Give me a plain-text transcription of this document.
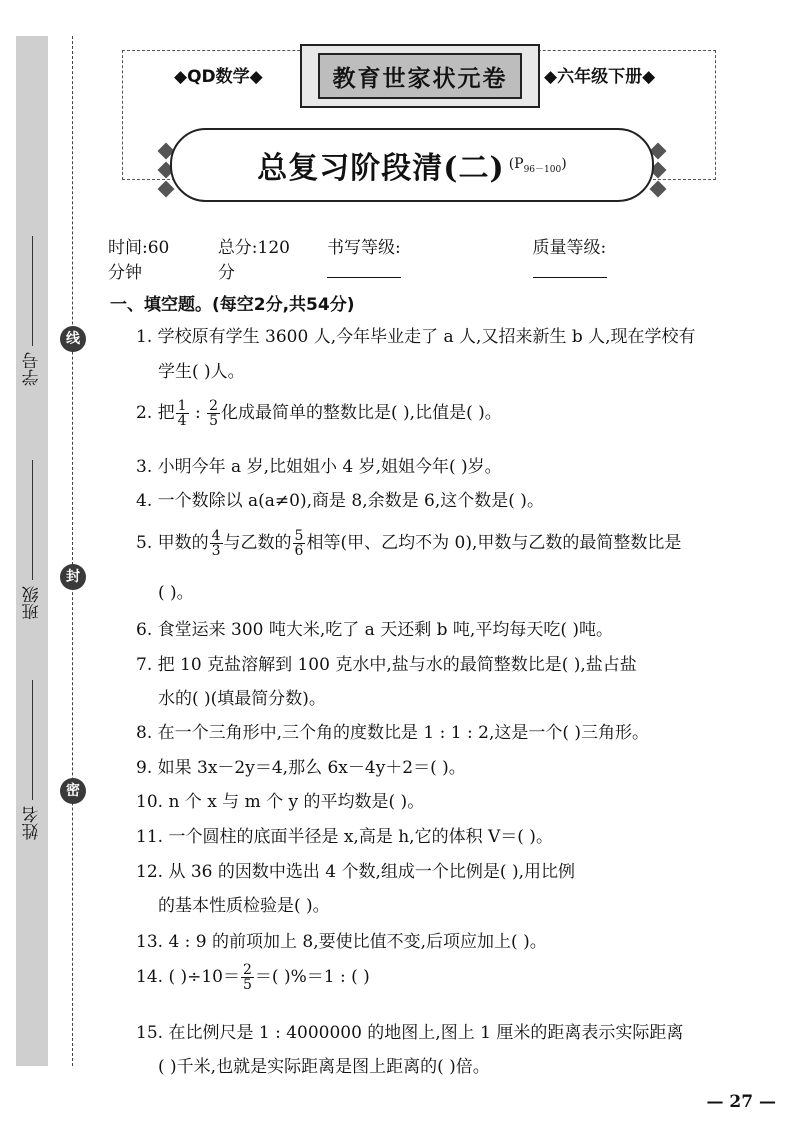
学号
班级
姓名
线
封
密
◆QD数学◆	◆六年级下册◆
教育世家状元卷
总复习阶段清(二) $(P_{96-100})$
时间:60分钟
总分:120 分
书写等级:	质量等级:
一、填空题。(每空2分,共54分)
1. 学校原有学生 3600 人,今年毕业走了 a 人,又招来新生 b 人,现在学校有
学生( )人。
2. 把 $\frac{1}{4}$ : $\frac{2}{5}$ 化成最简单的整数比是( ),比值是( )。
3. 小明今年 a 岁,比姐姐小 4 岁,姐姐今年( )岁。
4. 一个数除以 a(a≠0),商是 8,余数是 6,这个数是( )。
5. 甲数的 $\frac{4}{3}$ 与乙数的 $\frac{5}{6}$ 相等(甲、乙均不为 0),甲数与乙数的最简整数比是
( )。
6. 食堂运来 300 吨大米,吃了 a 天还剩 b 吨,平均每天吃( )吨。
7. 把 10 克盐溶解到 100 克水中,盐与水的最简整数比是( ),盐占盐
水的( )(填最简分数)。
8. 在一个三角形中,三个角的度数比是 1 : 1 : 2,这是一个( )三角形。
9. 如果 3x－2y＝4,那么 6x－4y＋2＝( )。
10. n 个 x 与 m 个 y 的平均数是( )。
11. 一个圆柱的底面半径是 x,高是 h,它的体积 V＝( )。
12. 从 36 的因数中选出 4 个数,组成一个比例是( ),用比例
的基本性质检验是( )。
13. 4 : 9 的前项加上 8,要使比值不变,后项应加上( )。
14. ( )$\div 10= \frac{2}{5}$ ＝( )%＝1 : ( )
15. 在比例尺是 1 : 4000000 的地图上,图上 1 厘米的距离表示实际距离
( )千米,也就是实际距离是图上距离的( )倍。
— 27 —
